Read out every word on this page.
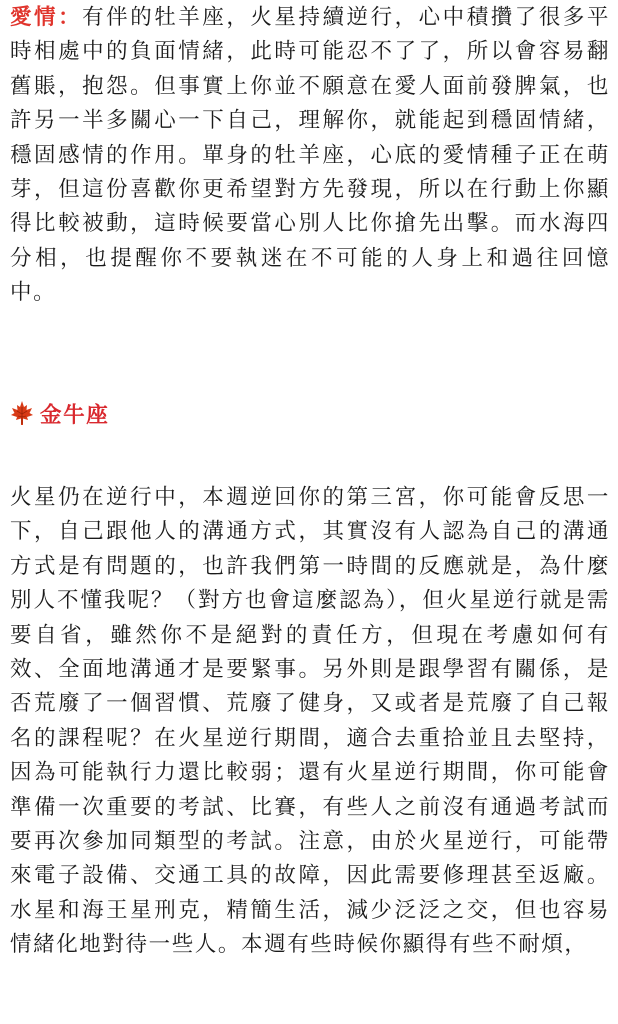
愛情：有伴的牡羊座，火星持續逆行，心中積攢了很多平時相處中的負面情緒，此時可能忍不了了，所以會容易翻舊賬，抱怨。但事實上你並不願意在愛人面前發脾氣，也許另一半多關心一下自己，理解你，就能起到穩固情緒，穩固感情的作用。單身的牡羊座，心底的愛情種子正在萌芽，但這份喜歡你更希望對方先發現，所以在行動上你顯得比較被動，這時候要當心別人比你搶先出擊。而水海四分相，也提醒你不要執迷在不可能的人身上和過往回憶中。

金牛座

火星仍在逆行中，本週逆回你的第三宮，你可能會反思一下，自己跟他人的溝通方式，其實沒有人認為自己的溝通方式是有問題的，也許我們第一時間的反應就是，為什麼別人不懂我呢？（對方也會這麼認為），但火星逆行就是需要自省，雖然你不是絕對的責任方，但現在考慮如何有效、全面地溝通才是要緊事。另外則是跟學習有關係，是否荒廢了一個習慣、荒廢了健身，又或者是荒廢了自己報名的課程呢？在火星逆行期間，適合去重拾並且去堅持，因為可能執行力還比較弱；還有火星逆行期間，你可能會準備一次重要的考試、比賽，有些人之前沒有通過考試而要再次參加同類型的考試。注意，由於火星逆行，可能帶來電子設備、交通工具的故障，因此需要修理甚至返廠。水星和海王星刑克，精簡生活，減少泛泛之交，但也容易情緒化地對待一些人。本週有些時候你顯得有些不耐煩，
